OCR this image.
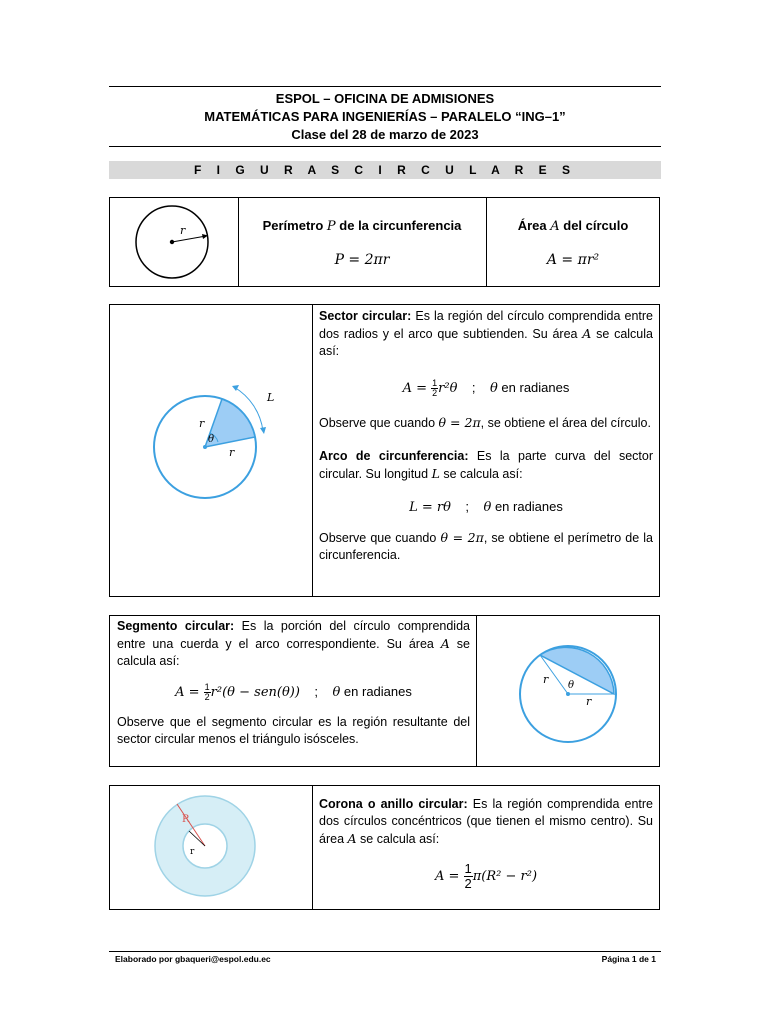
ESPOL – OFICINA DE ADMISIONES
MATEMÁTICAS PARA INGENIERÍAS – PARALELO “ING–1”
Clase del 28 de marzo de 2023
F I G U R A S C I R C U L A R E S
r	Perímetro P de la circunferencia
P = 2πr
Área A del círculo
A = πr²
L
r
r
θ

Sector circular: Es la región del círculo comprendida entre dos radios y el arco que subtienden. Su área A se calcula así:

$A = \frac{1}{2} r^2\theta$ ; θ en radianes

Observe que cuando θ = 2π, se obtiene el área del círculo.

Arco de circunferencia: Es la parte curva del sector circular. Su longitud L se calcula así:

L = rθ ; θ en radianes

Observe que cuando θ = 2π, se obtiene el perímetro de la circunferencia.

Segmento circular: Es la porción del círculo comprendida entre una cuerda y el arco correspondiente. Su área A se calcula así:

$A = \frac{1}{2} r^2(\theta - sen(\theta))$ ; θ en radianes

Observe que el segmento circular es la región resultante del sector circular menos el triángulo isósceles.

r
r
θ
R
r

Corona o anillo circular: Es la región comprendida entre dos círculos concéntricos (que tienen el mismo centro). Su área A se calcula así:

$A = \frac{1}{2} \pi(R^2 - r^2)$

Elaborado por gbaqueri@espol.edu.ec	Página 1 de 1
